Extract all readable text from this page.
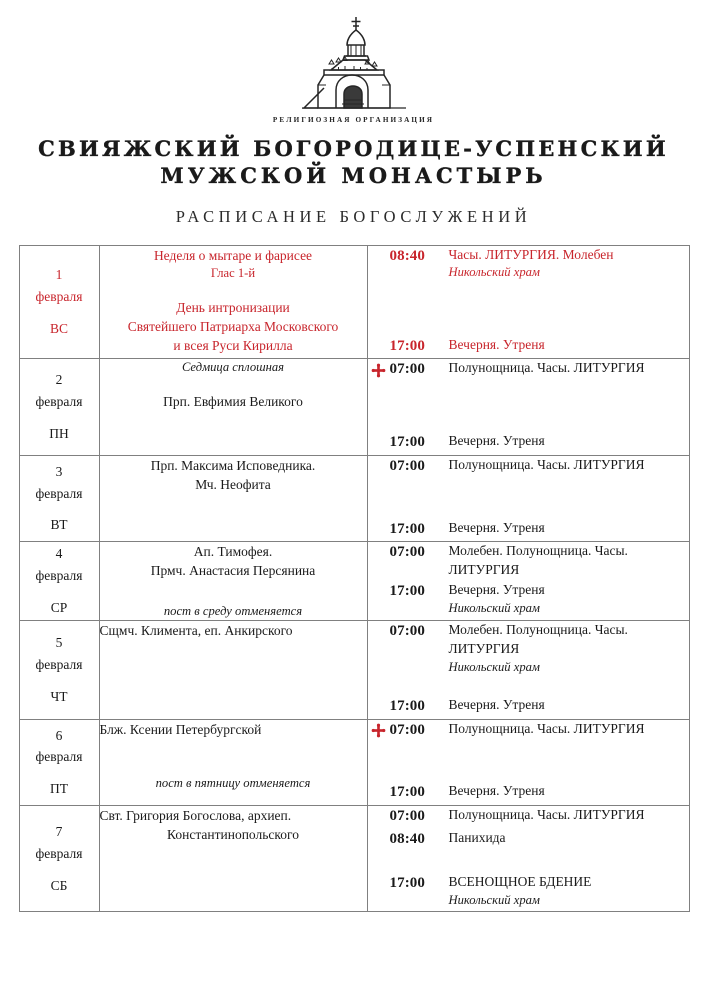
РЕЛИГИОЗНАЯ ОРГАНИЗАЦИЯ
СВИЯЖСКИЙ БОГОРОДИЦЕ-УСПЕНСКИЙ
МУЖСКОЙ МОНАСТЫРЬ
РАСПИСАНИЕ БОГОСЛУЖЕНИЙ
1
февраля
ВС

Неделя о мытаре и фарисее
Глас 1-й
День интронизации
Святейшего Патриарха Московского
и всея Руси Кирилла

08:40	Часы. ЛИТУРГИЯ. Молебен
Никольский храм
17:00	Вечерня. Утреня

2
февраля
ПН

Седмица сплошная
Прп. Евфимия Великого

07:00	Полунощница. Часы. ЛИТУРГИЯ
17:00	Вечерня. Утреня

3
февраля
ВТ

Прп. Максима Исповедника.
Мч. Неофита

07:00	Полунощница. Часы. ЛИТУРГИЯ
17:00	Вечерня. Утреня

4
февраля
СР

Ап. Тимофея.
Прмч. Анастасия Персянина
пост в среду отменяется

07:00	Молебен. Полунощница. Часы. ЛИТУРГИЯ
17:00	Вечерня. Утреня
Никольский храм

5
февраля
ЧТ

Сщмч. Климента, еп. Анкирского	07:00	Молебен. Полунощница. Часы. ЛИТУРГИЯ
Никольский храм
17:00	Вечерня. Утреня

6
февраля
ПТ

Блж. Ксении Петербургской
пост в пятницу отменяется

07:00	Полунощница. Часы. ЛИТУРГИЯ
17:00	Вечерня. Утреня

7
февраля
СБ

Свт. Григория Богослова, архиеп.
Константинопольского

07:00	Полунощница. Часы. ЛИТУРГИЯ
08:40	Панихида
17:00	ВСЕНОЩНОЕ БДЕНИЕ
Никольский храм
